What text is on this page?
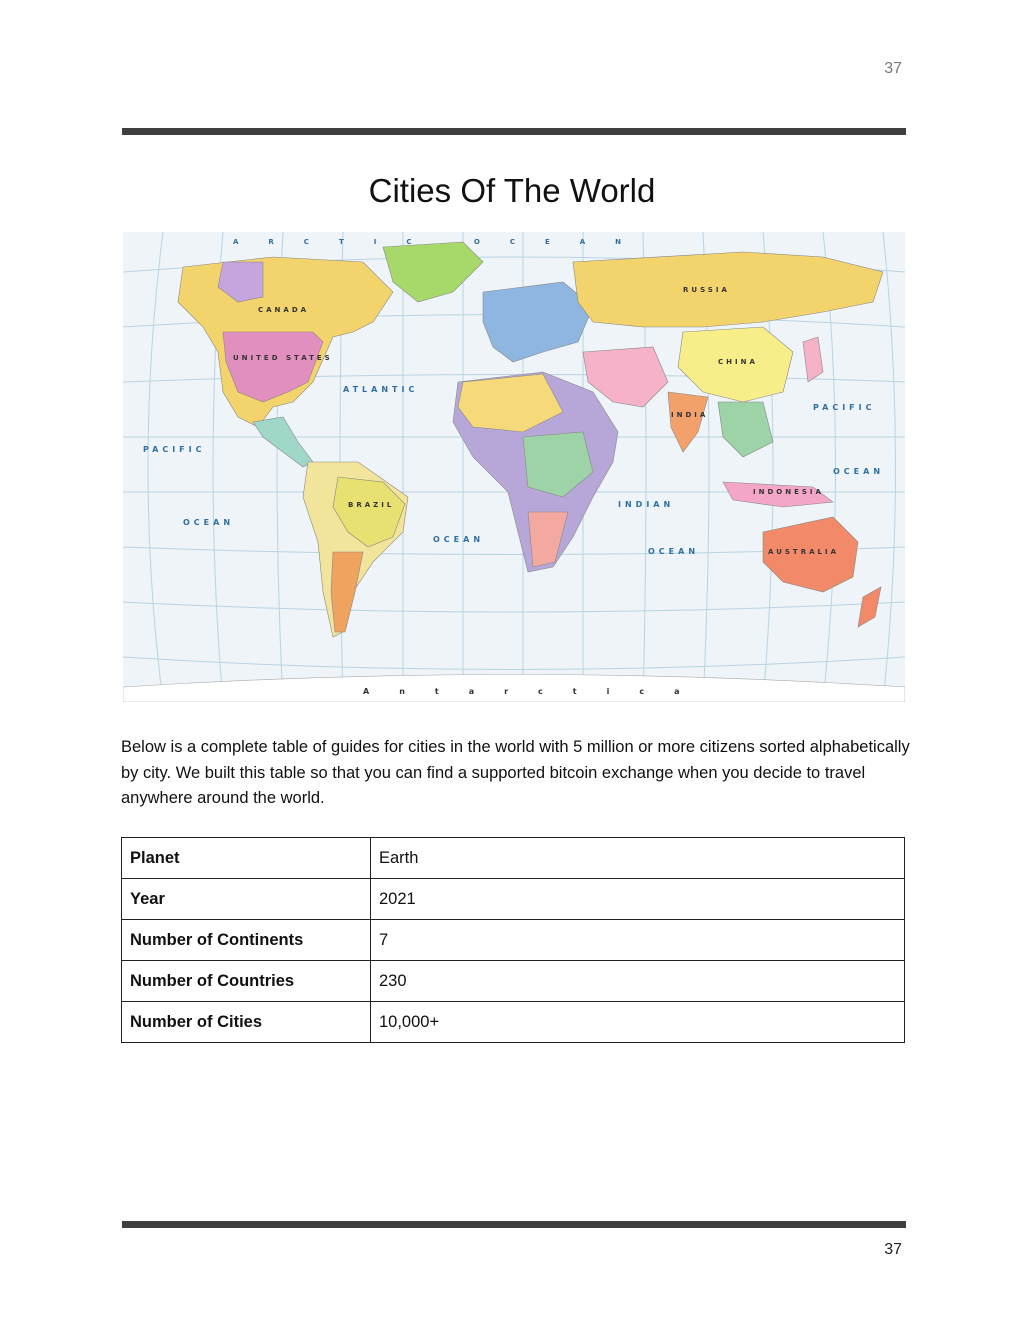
37
Cities Of The World
ATLANTIC
PACIFIC
PACIFIC
OCEAN
OCEAN
INDIAN
OCEAN
OCEAN
ARCTIC OCEAN
Antarctica
CANADA
UNITED STATES
RUSSIA
AUSTRALIA
BRAZIL
CHINA
INDIA
INDONESIA
Below is a complete table of guides for cities in the world with 5 million or more citizens sorted alphabetically by city. We built this table so that you can find a supported bitcoin exchange when you decide to travel anywhere around the world.
Planet	Earth
Year	2021
Number of Continents	7
Number of Countries	230
Number of Cities	10,000+
37
